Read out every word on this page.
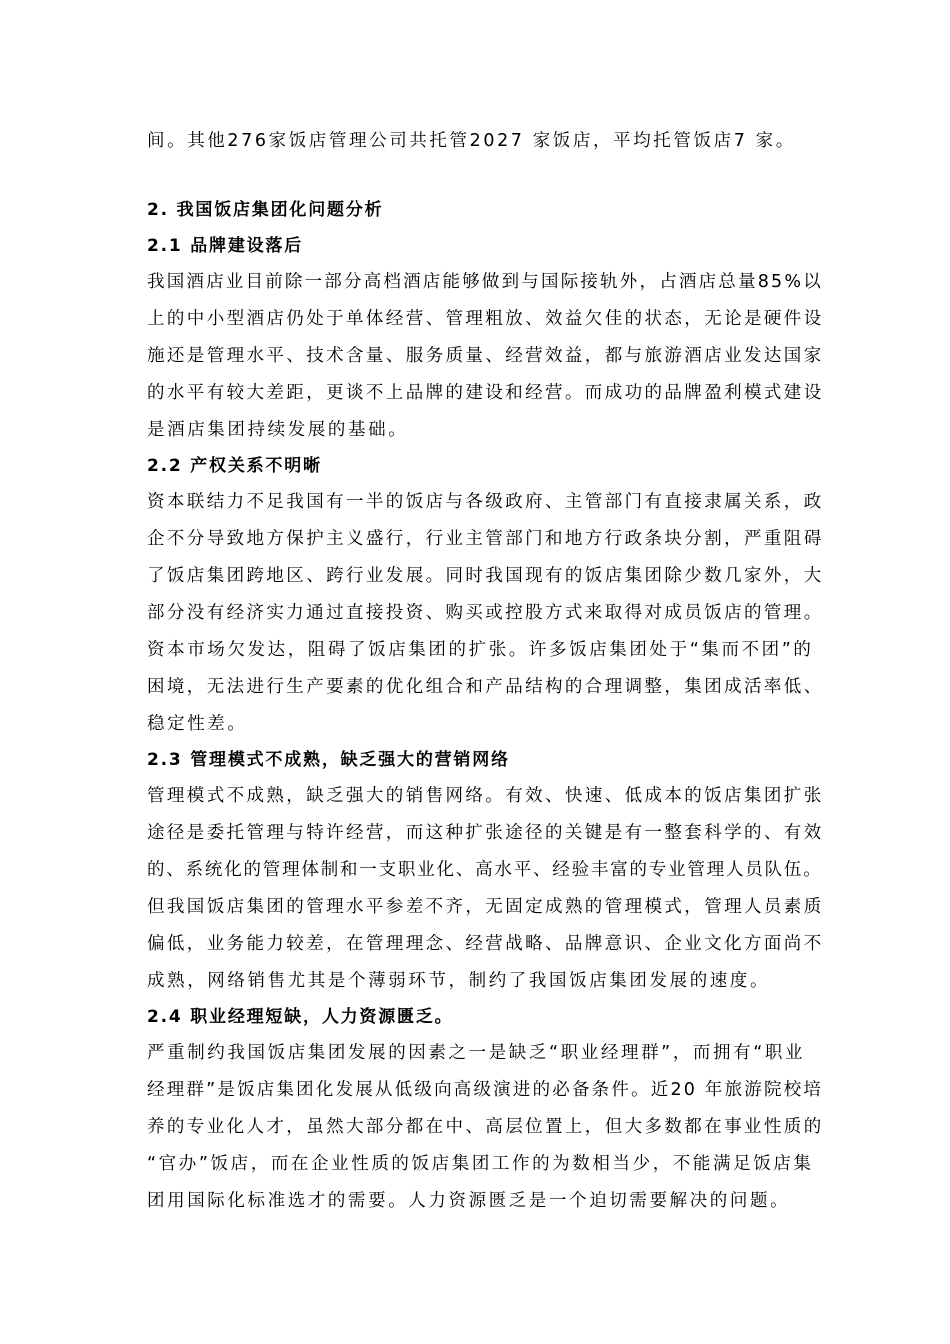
间。其他276家饭店管理公司共托管2027 家饭店，平均托管饭店7 家。
2. 我国饭店集团化问题分析
2.1 品牌建设落后
我国酒店业目前除一部分高档酒店能够做到与国际接轨外，占酒店总量85%以
上的中小型酒店仍处于单体经营、管理粗放、效益欠佳的状态，无论是硬件设
施还是管理水平、技术含量、服务质量、经营效益，都与旅游酒店业发达国家
的水平有较大差距，更谈不上品牌的建设和经营。而成功的品牌盈利模式建设
是酒店集团持续发展的基础。
2.2 产权关系不明晰
资本联结力不足我国有一半的饭店与各级政府、主管部门有直接隶属关系，政
企不分导致地方保护主义盛行，行业主管部门和地方行政条块分割，严重阻碍
了饭店集团跨地区、跨行业发展。同时我国现有的饭店集团除少数几家外，大
部分没有经济实力通过直接投资、购买或控股方式来取得对成员饭店的管理。
资本市场欠发达，阻碍了饭店集团的扩张。许多饭店集团处于“集而不团”的
困境，无法进行生产要素的优化组合和产品结构的合理调整，集团成活率低、
稳定性差。
2.3 管理模式不成熟，缺乏强大的营销网络
管理模式不成熟，缺乏强大的销售网络。有效、快速、低成本的饭店集团扩张
途径是委托管理与特许经营，而这种扩张途径的关键是有一整套科学的、有效
的、系统化的管理体制和一支职业化、高水平、经验丰富的专业管理人员队伍。
但我国饭店集团的管理水平参差不齐，无固定成熟的管理模式，管理人员素质
偏低，业务能力较差，在管理理念、经营战略、品牌意识、企业文化方面尚不
成熟，网络销售尤其是个薄弱环节，制约了我国饭店集团发展的速度。
2.4 职业经理短缺，人力资源匮乏。
严重制约我国饭店集团发展的因素之一是缺乏“职业经理群”，而拥有“职业
经理群”是饭店集团化发展从低级向高级演进的必备条件。近20 年旅游院校培
养的专业化人才，虽然大部分都在中、高层位置上，但大多数都在事业性质的
“官办”饭店，而在企业性质的饭店集团工作的为数相当少，不能满足饭店集
团用国际化标准选才的需要。人力资源匮乏是一个迫切需要解决的问题。
